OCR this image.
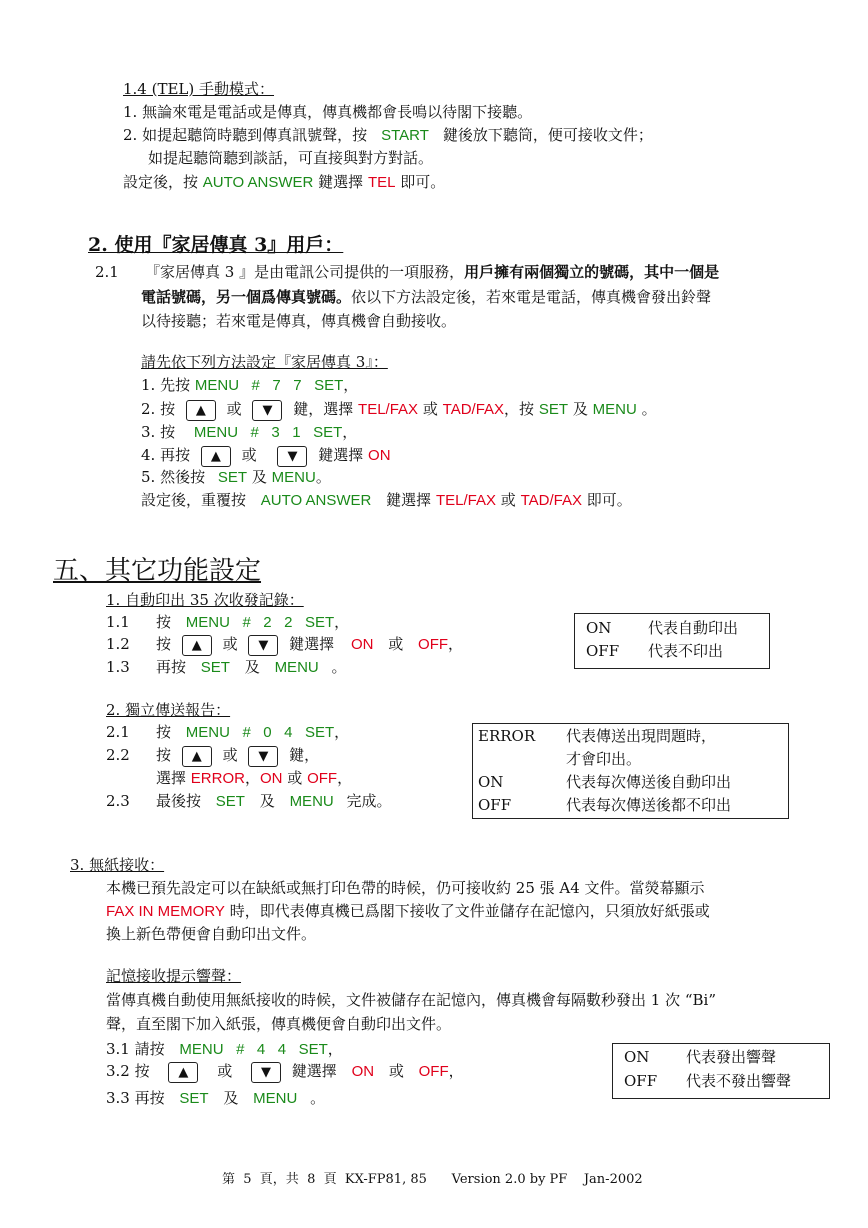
1.4 (TEL) 手動模式：
1. 無論來電是電話或是傳真，傳真機都會長鳴以待閣下接聽。
2. 如提起聽筒時聽到傳真訊號聲，按 START 鍵後放下聽筒，便可接收文件；
如提起聽筒聽到談話，可直接與對方對話。
設定後，按 AUTO ANSWER 鍵選擇 TEL 即可。
2. 使用『家居傳真 3』用戶：
2.1 『家居傳真 3 』是由電訊公司提供的一項服務，用戶擁有兩個獨立的號碼，其中一個是
電話號碼，另一個爲傳真號碼。依以下方法設定後，若來電是電話，傳真機會發出鈴聲
以待接聽；若來電是傳真，傳真機會自動接收。
請先依下列方法設定『家居傳真 3』：
1. 先按 MENU   #   7   7   SET，
2. 按 ▲ 或 ▼ 鍵，選擇 TEL/FAX 或 TAD/FAX，按 SET 及 MENU 。
3. 按 MENU   #   3   1   SET，
4. 再按 ▲ 或 ▼ 鍵選擇 ON
5. 然後按 SET 及 MENU。
設定後，重覆按 AUTO ANSWER 鍵選擇 TEL/FAX 或 TAD/FAX 即可。
五、其它功能設定
1. 自動印出 35 次收發記錄：
1.1 按 MENU   #   2   2   SET，
1.2 按 ▲ 或 ▼ 鍵選擇 ON 或 OFF，
1.3 再按 SET 及 MENU 。
ON 代表自動印出
OFF 代表不印出
2. 獨立傳送報告：
2.1 按 MENU   #   0   4   SET，
2.2 按 ▲ 或 ▼ 鍵，
選擇 ERROR，ON 或 OFF，
2.3 最後按 SET 及 MENU 完成。
ERROR 代表傳送出現問題時，
才會印出。
ON	代表每次傳送後自動印出
OFF	代表每次傳送後都不印出
3. 無紙接收：
本機已預先設定可以在缺紙或無打印色帶的時候，仍可接收約 25 張 A4 文件。當熒幕顯示
FAX IN MEMORY 時，即代表傳真機已爲閣下接收了文件並儲存在記憶內，只須放好紙張或
換上新色帶便會自動印出文件。
記憶接收提示響聲：
當傳真機自動使用無紙接收的時候，文件被儲存在記憶內，傳真機會每隔數秒發出 1 次 “Bi”
聲，直至閣下加入紙張，傳真機便會自動印出文件。
3.1 請按 MENU   #   4   4   SET，
3.2 按 ▲ 或 ▼ 鍵選擇 ON 或 OFF，
3.3 再按 SET 及 MENU 。
ON 代表發出響聲
OFF 代表不發出響聲
第  5  頁，共  8  頁  KX-FP81, 85      Version 2.0 by PF    Jan-2002
